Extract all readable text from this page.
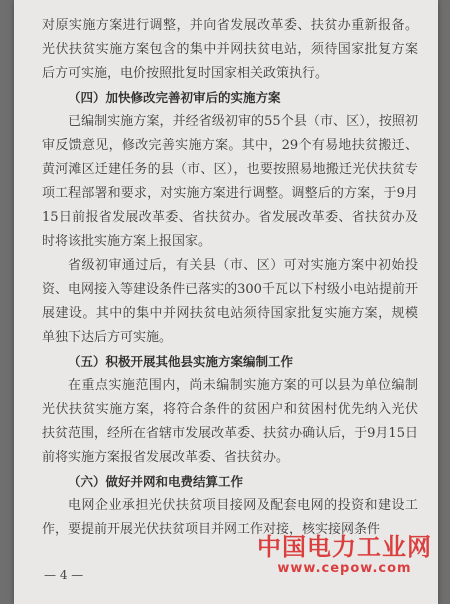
对原实施方案进行调整，并向省发展改革委、扶贫办重新报备。光伏扶贫实施方案包含的集中并网扶贫电站，须待国家批复方案后方可实施，电价按照批复时国家相关政策执行。

（四）加快修改完善初审后的实施方案

已编制实施方案，并经省级初审的55个县（市、区），按照初审反馈意见，修改完善实施方案。其中，29个有易地扶贫搬迁、黄河滩区迁建任务的县（市、区），也要按照易地搬迁光伏扶贫专项工程部署和要求，对实施方案进行调整。调整后的方案，于9月15日前报省发展改革委、省扶贫办。省发展改革委、省扶贫办及时将该批实施方案上报国家。

省级初审通过后，有关县（市、区）可对实施方案中初始投资、电网接入等建设条件已落实的300千瓦以下村级小电站提前开展建设。其中的集中并网扶贫电站须待国家批复实施方案，规模单独下达后方可实施。

（五）积极开展其他县实施方案编制工作

在重点实施范围内，尚未编制实施方案的可以县为单位编制光伏扶贫实施方案，将符合条件的贫困户和贫困村优先纳入光伏扶贫范围，经所在省辖市发展改革委、扶贫办确认后，于9月15日前将实施方案报省发展改革委、省扶贫办。

（六）做好并网和电费结算工作

电网企业承担光伏扶贫项目接网及配套电网的投资和建设工作，要提前开展光伏扶贫项目并网工作对接，核实接网条件

— 4 —
中国电力工业网
www.cepow.com
